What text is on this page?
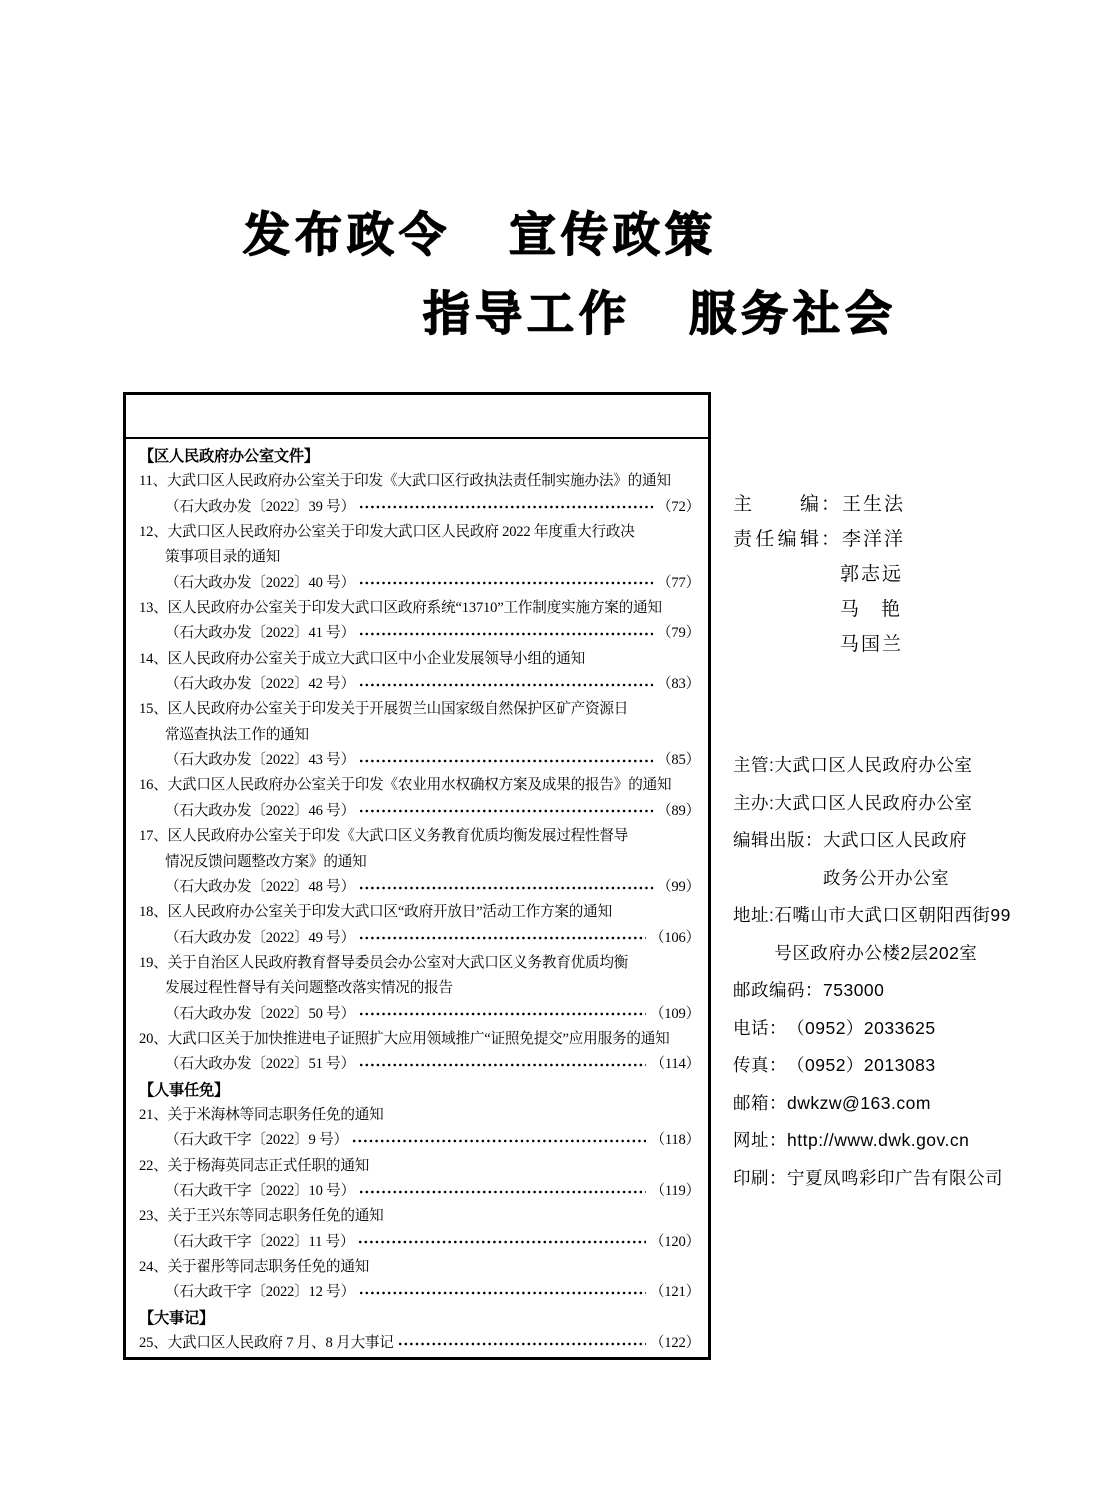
发布政令 宣传政策
指导工作 服务社会
【区人民政府办公室文件】
11、大武口区人民政府办公室关于印发《大武口区行政执法责任制实施办法》的通知
（石大政办发〔2022〕39 号）	（72）
12、大武口区人民政府办公室关于印发大武口区人民政府 2022 年度重大行政决
策事项目录的通知
（石大政办发〔2022〕40 号）	（77）
13、区人民政府办公室关于印发大武口区政府系统“13710”工作制度实施方案的通知
（石大政办发〔2022〕41 号）	（79）
14、区人民政府办公室关于成立大武口区中小企业发展领导小组的通知
（石大政办发〔2022〕42 号）	（83）
15、区人民政府办公室关于印发关于开展贺兰山国家级自然保护区矿产资源日
常巡查执法工作的通知
（石大政办发〔2022〕43 号）	（85）
16、大武口区人民政府办公室关于印发《农业用水权确权方案及成果的报告》的通知
（石大政办发〔2022〕46 号）	（89）
17、区人民政府办公室关于印发《大武口区义务教育优质均衡发展过程性督导
情况反馈问题整改方案》的通知
（石大政办发〔2022〕48 号）	（99）
18、区人民政府办公室关于印发大武口区“政府开放日”活动工作方案的通知
（石大政办发〔2022〕49 号）	（106）
19、关于自治区人民政府教育督导委员会办公室对大武口区义务教育优质均衡
发展过程性督导有关问题整改落实情况的报告
（石大政办发〔2022〕50 号）	（109）
20、大武口区关于加快推进电子证照扩大应用领域推广“证照免提交”应用服务的通知
（石大政办发〔2022〕51 号）	（114）
【人事任免】
21、关于米海林等同志职务任免的通知
（石大政干字〔2022〕9 号）	（118）
22、关于杨海英同志正式任职的通知
（石大政干字〔2022〕10 号）	（119）
23、关于王兴东等同志职务任免的通知
（石大政干字〔2022〕11 号）	（120）
24、关于翟彤等同志职务任免的通知
（石大政干字〔2022〕12 号）	（121）
【大事记】
25、 大武口区人民政府 7 月、8 月大事记	（122）
主编：王生法
责任编辑：李洋洋
郭志远
马艳
马国兰
主管: 大武口区人民政府办公室
主办: 大武口区人民政府办公室
编辑出版： 大武口区人民政府
政务公开办公室
地址: 石嘴山市大武口区朝阳西街99
号区政府办公楼2层202室
邮政编码： 753000
电话： （0952）2033625
传真： （0952）2013083
邮箱： dwkzw@163.com
网址： http://www.dwk.gov.cn
印刷： 宁夏凤鸣彩印广告有限公司
